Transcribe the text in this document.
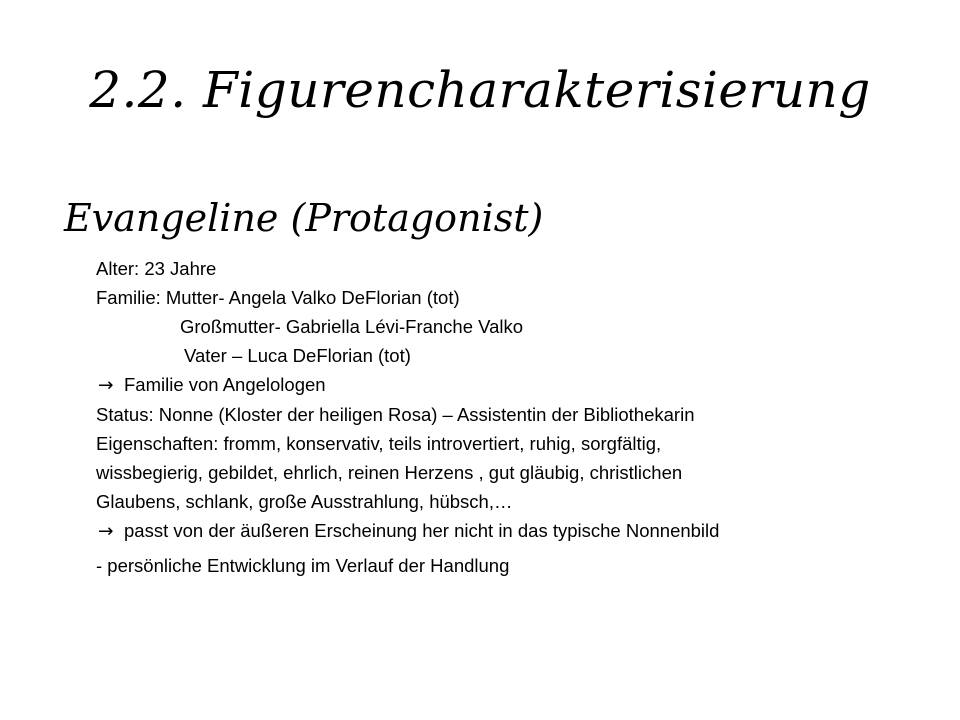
2.2. Figurencharakterisierung
Evangeline (Protagonist)
Alter: 23 Jahre
Familie: Mutter- Angela Valko DeFlorian (tot)
Großmutter- Gabriella Lévi-Franche Valko
Vater – Luca DeFlorian (tot)
→ Familie von Angelologen
Status: Nonne (Kloster der heiligen Rosa) – Assistentin der Bibliothekarin
Eigenschaften: fromm, konservativ, teils introvertiert, ruhig, sorgfältig,
wissbegierig, gebildet, ehrlich, reinen Herzens , gut gläubig, christlichen
Glaubens, schlank, große Ausstrahlung, hübsch,…
→ passt von der äußeren Erscheinung her nicht in das typische Nonnenbild
- persönliche Entwicklung im Verlauf der Handlung
